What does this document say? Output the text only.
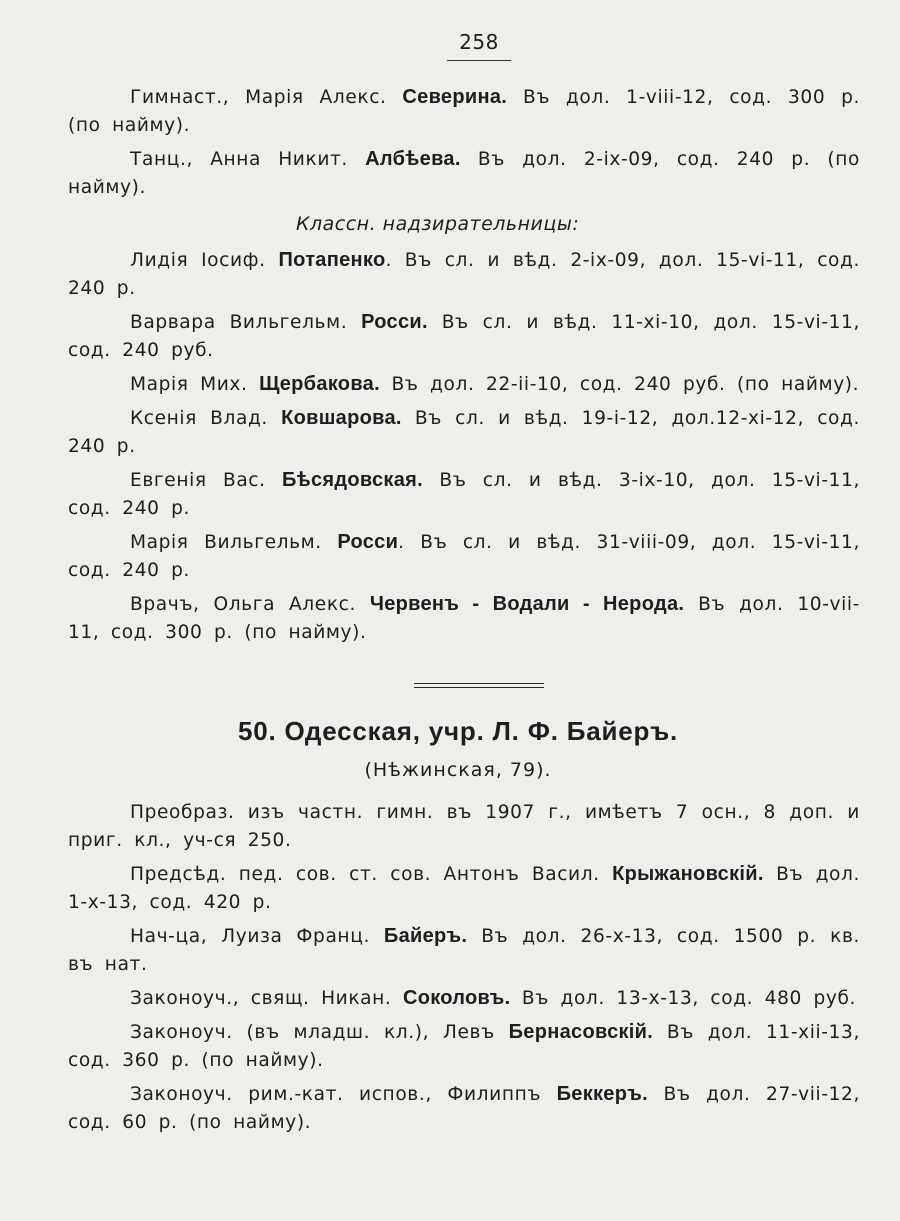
258

Гимнаст., Марія Алекс. Северина. Въ дол. 1-viii-12, сод. 300 р. (по найму).

Танц., Анна Никит. Албѣева. Въ дол. 2-ix-09, сод. 240 р. (по найму).

Классн. надзирательницы:

Лидія Іосиф. Потапенко. Въ сл. и вѣд. 2-ix-09, дол. 15-vi-11, сод. 240 р.

Варвара Вильгельм. Росси. Въ сл. и вѣд. 11-xi-10, дол. 15-vi-11, сод. 240 руб.

Марія Мих. Щербакова. Въ дол. 22-ii-10, сод. 240 руб. (по найму).

Ксенія Влад. Ковшарова. Въ сл. и вѣд. 19-i-12, дол.12-xi-12, сод. 240 р.

Евгенія Вас. Бѣсядовская. Въ сл. и вѣд. 3-ix-10, дол. 15-vi-11, сод. 240 р.

Марія Вильгельм. Росси. Въ сл. и вѣд. 31-viii-09, дол. 15-vi-11, сод. 240 р.

Врачъ, Ольга Алекс. Червенъ - Водали - Нерода. Въ дол. 10-vii-11, сод. 300 р. (по найму).

50. Одесская, учр. Л. Ф. Байеръ.
(Нѣжинская, 79).

Преобраз. изъ частн. гимн. въ 1907 г., имѣетъ 7 осн., 8 доп. и приг. кл., уч-ся 250.

Предсѣд. пед. сов. ст. сов. Антонъ Васил. Крыжановскій. Въ дол. 1-x-13, сод. 420 р.

Нач-ца, Луиза Франц. Байеръ. Въ дол. 26-x-13, сод. 1500 р. кв. въ нат.

Законоуч., свящ. Никан. Соколовъ. Въ дол. 13-x-13, сод. 480 руб.

Законоуч. (въ младш. кл.), Левъ Бернасовскій. Въ дол. 11-xii-13, сод. 360 р. (по найму).

Законоуч. рим.-кат. испов., Филиппъ Беккеръ. Въ дол. 27-vii-12, сод. 60 р. (по найму).
